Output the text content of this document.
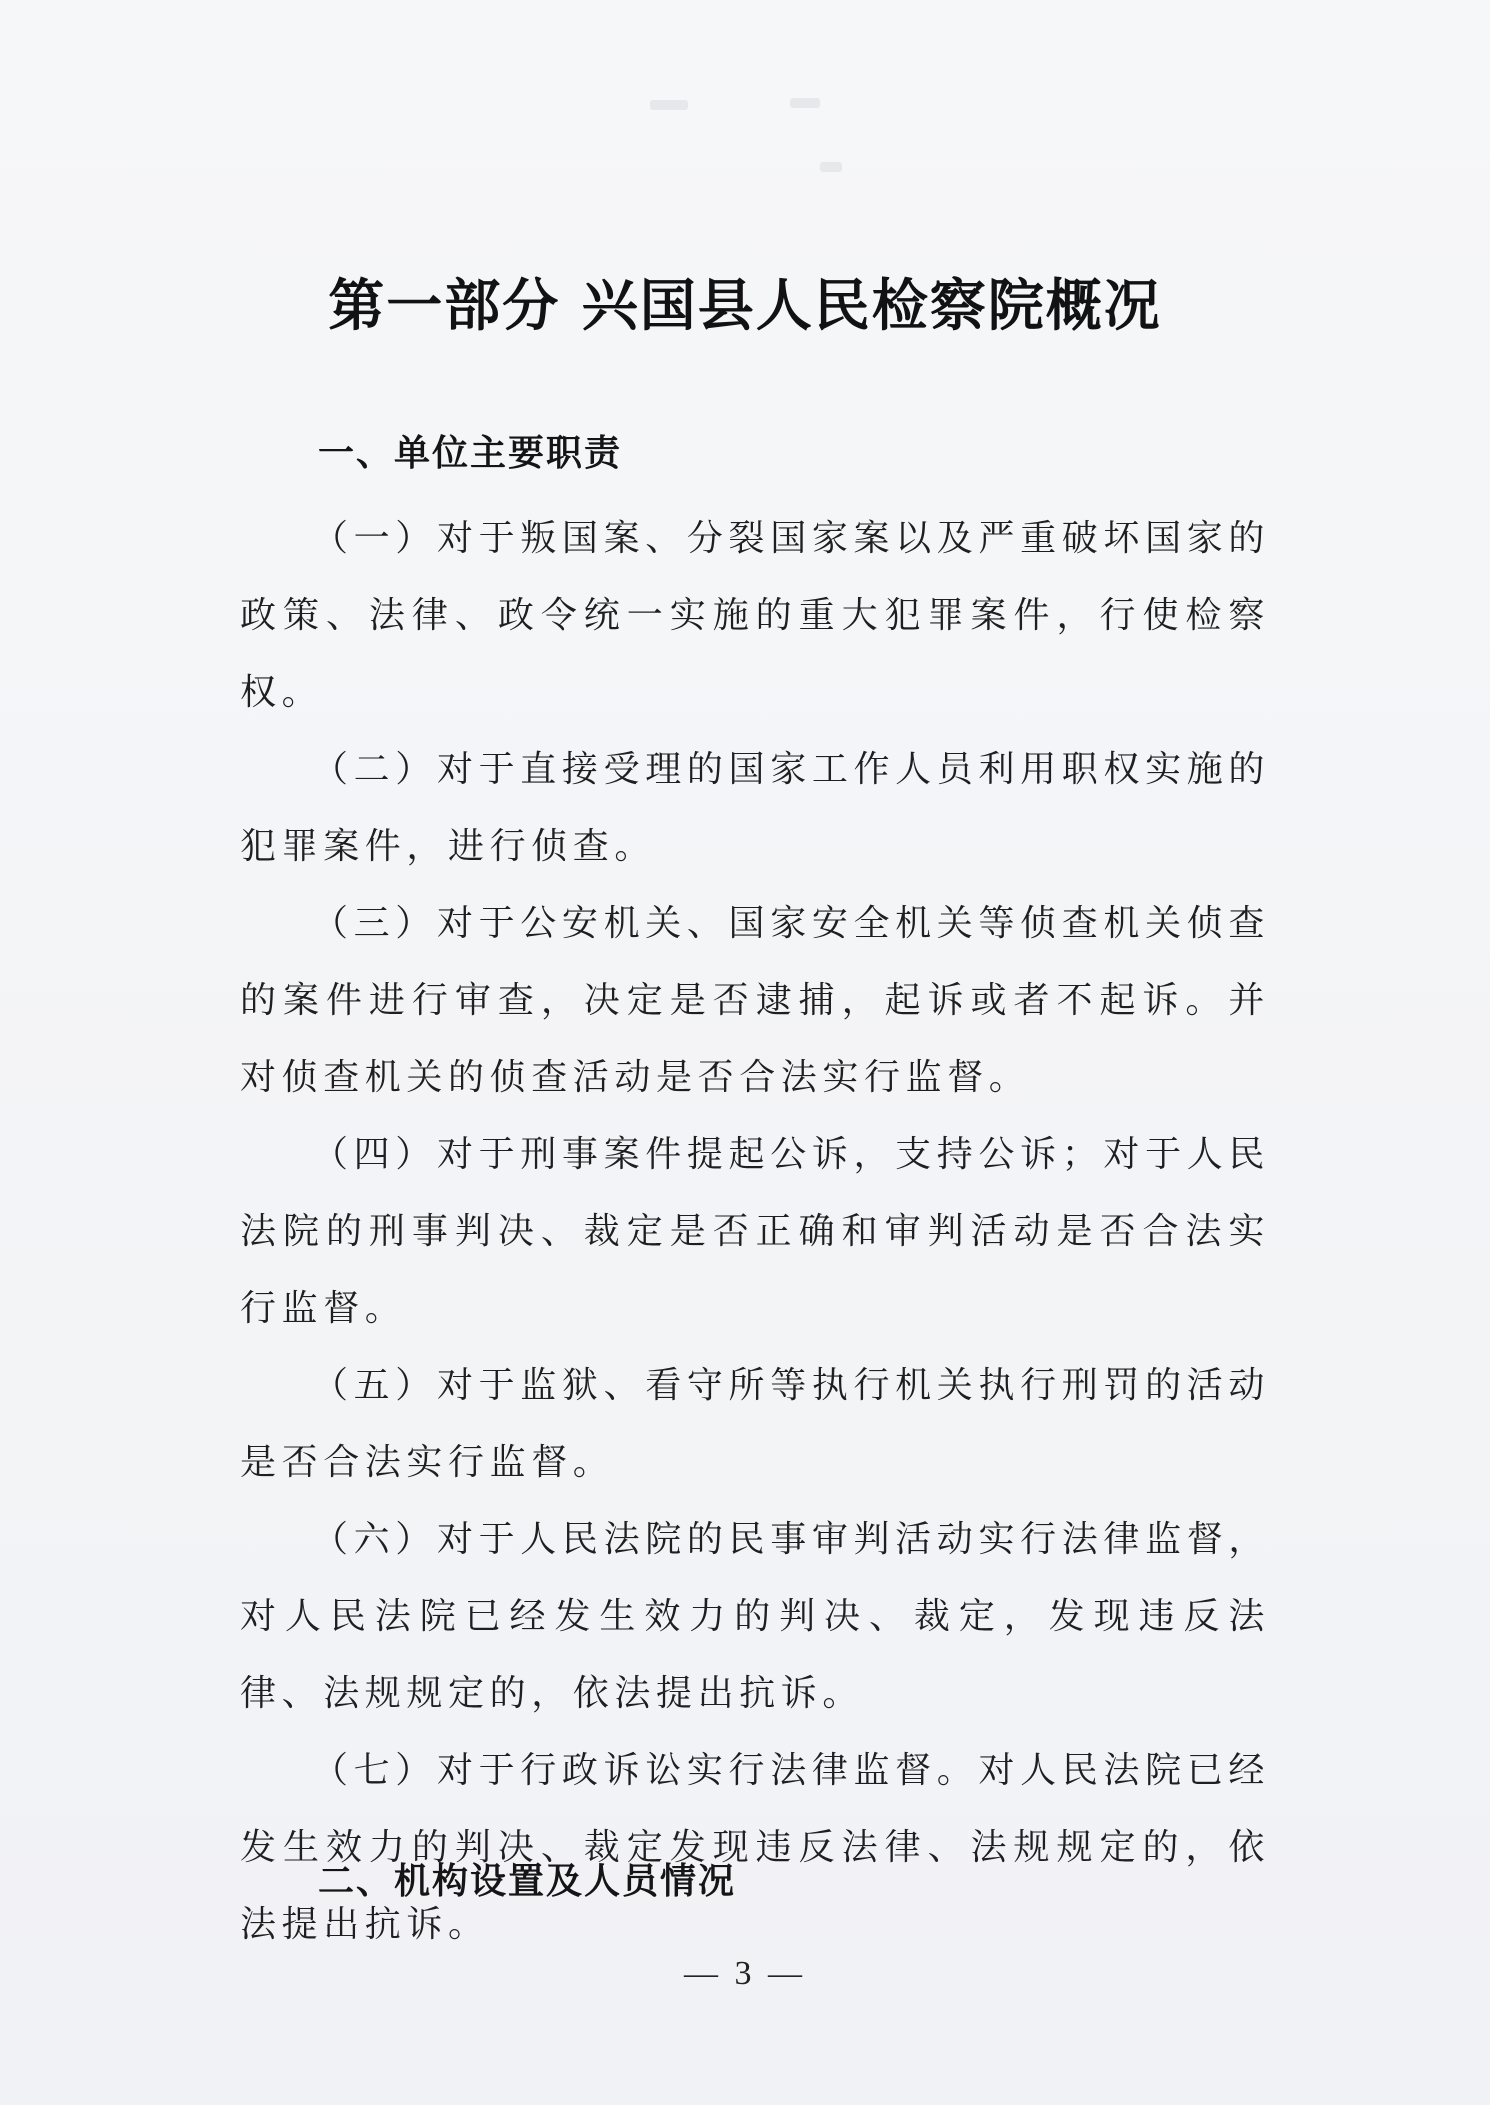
第一部分 兴国县人民检察院概况
一、单位主要职责

（一）对于叛国案、分裂国家案以及严重破坏国家的政策、法律、政令统一实施的重大犯罪案件，行使检察权。

（二）对于直接受理的国家工作人员利用职权实施的犯罪案件，进行侦查。

（三）对于公安机关、国家安全机关等侦查机关侦查的案件进行审查，决定是否逮捕，起诉或者不起诉。并对侦查机关的侦查活动是否合法实行监督。

（四）对于刑事案件提起公诉，支持公诉；对于人民法院的刑事判决、裁定是否正确和审判活动是否合法实行监督。

（五）对于监狱、看守所等执行机关执行刑罚的活动是否合法实行监督。

（六）对于人民法院的民事审判活动实行法律监督，对人民法院已经发生效力的判决、裁定，发现违反法律、法规规定的，依法提出抗诉。

（七）对于行政诉讼实行法律监督。对人民法院已经发生效力的判决、裁定发现违反法律、法规规定的，依法提出抗诉。

二、机构设置及人员情况
— 3 —
